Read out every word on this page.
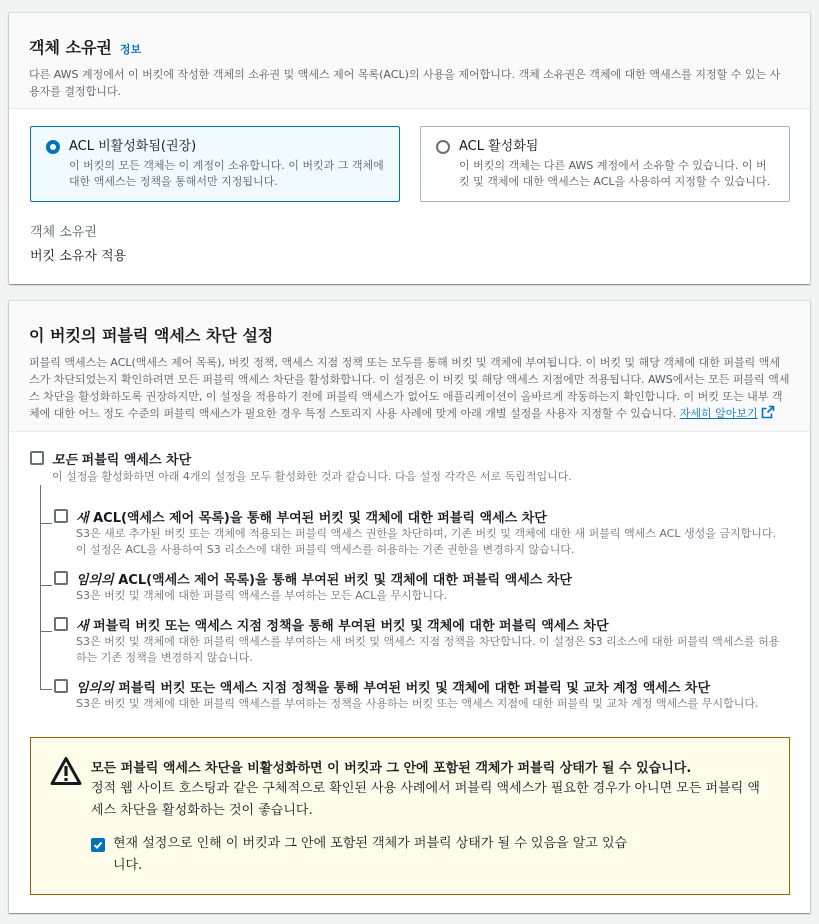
객체 소유권 정보
다른 AWS 계정에서 이 버킷에 작성한 객체의 소유권 및 액세스 제어 목록(ACL)의 사용을 제어합니다. 객체 소유권은 객체에 대한 액세스를 지정할 수 있는 사용자를 결정합니다.
ACL 비활성화됨(권장)
이 버킷의 모든 객체는 이 계정이 소유합니다. 이 버킷과 그 객체에 대한 액세스는 정책을 통해서만 지정됩니다.
ACL 활성화됨
이 버킷의 객체는 다른 AWS 계정에서 소유할 수 있습니다. 이 버킷 및 객체에 대한 액세스는 ACL을 사용하여 지정할 수 있습니다.
객체 소유권
버킷 소유자 적용
이 버킷의 퍼블릭 액세스 차단 설정
퍼블릭 액세스는 ACL(액세스 제어 목록), 버킷 정책, 액세스 지점 정책 또는 모두를 통해 버킷 및 객체에 부여됩니다. 이 버킷 및 해당 객체에 대한 퍼블릭 액세스가 차단되었는지 확인하려면 모든 퍼블릭 액세스 차단을 활성화합니다. 이 설정은 이 버킷 및 해당 액세스 지점에만 적용됩니다. AWS에서는 모든 퍼블릭 액세스 차단을 활성화하도록 권장하지만, 이 설정을 적용하기 전에 퍼블릭 액세스가 없어도 애플리케이션이 올바르게 작동하는지 확인합니다. 이 버킷 또는 내부 객체에 대한 어느 정도 수준의 퍼블릭 액세스가 필요한 경우 특정 스토리지 사용 사례에 맞게 아래 개별 설정을 사용자 지정할 수 있습니다. 자세히 알아보기
모든 퍼블릭 액세스 차단
이 설정을 활성화하면 아래 4개의 설정을 모두 활성화한 것과 같습니다. 다음 설정 각각은 서로 독립적입니다.
새 ACL(액세스 제어 목록)을 통해 부여된 버킷 및 객체에 대한 퍼블릭 액세스 차단
S3은 새로 추가된 버킷 또는 객체에 적용되는 퍼블릭 액세스 권한을 차단하며, 기존 버킷 및 객체에 대한 새 퍼블릭 액세스 ACL 생성을 금지합니다. 이 설정은 ACL을 사용하여 S3 리소스에 대한 퍼블릭 액세스를 허용하는 기존 권한을 변경하지 않습니다.
임의의 ACL(액세스 제어 목록)을 통해 부여된 버킷 및 객체에 대한 퍼블릭 액세스 차단
S3은 버킷 및 객체에 대한 퍼블릭 액세스를 부여하는 모든 ACL을 무시합니다.
새 퍼블릭 버킷 또는 액세스 지점 정책을 통해 부여된 버킷 및 객체에 대한 퍼블릭 액세스 차단
S3은 버킷 및 객체에 대한 퍼블릭 액세스를 부여하는 새 버킷 및 액세스 지점 정책을 차단합니다. 이 설정은 S3 리소스에 대한 퍼블릭 액세스를 허용하는 기존 정책을 변경하지 않습니다.
임의의 퍼블릭 버킷 또는 액세스 지점 정책을 통해 부여된 버킷 및 객체에 대한 퍼블릭 및 교차 계정 액세스 차단
S3은 버킷 및 객체에 대한 퍼블릭 액세스를 부여하는 정책을 사용하는 버킷 또는 액세스 지점에 대한 퍼블릭 및 교차 계정 액세스를 무시합니다.
모든 퍼블릭 액세스 차단을 비활성화하면 이 버킷과 그 안에 포함된 객체가 퍼블릭 상태가 될 수 있습니다.
정적 웹 사이트 호스팅과 같은 구체적으로 확인된 사용 사례에서 퍼블릭 액세스가 필요한 경우가 아니면 모든 퍼블릭 액세스 차단을 활성화하는 것이 좋습니다.
현재 설정으로 인해 이 버킷과 그 안에 포함된 객체가 퍼블릭 상태가 될 수 있음을 알고 있습니다.
